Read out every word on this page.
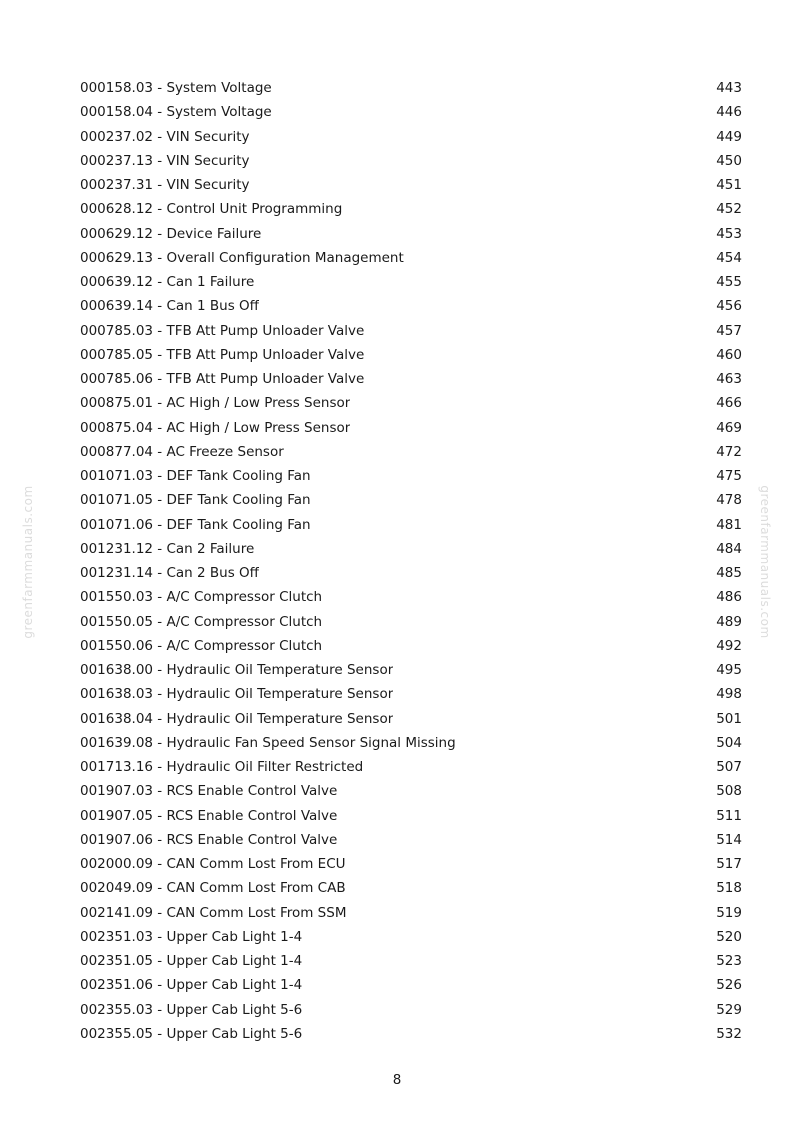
greenfarmmanuals.com	greenfarmmanuals.com
000158.03 - System Voltage	443
000158.04 - System Voltage	446
000237.02 - VIN Security	449
000237.13 - VIN Security	450
000237.31 - VIN Security	451
000628.12 - Control Unit Programming	452
000629.12 - Device Failure	453
000629.13 - Overall Configuration Management	454
000639.12 - Can 1 Failure	455
000639.14 - Can 1 Bus Off	456
000785.03 - TFB Att Pump Unloader Valve	457
000785.05 - TFB Att Pump Unloader Valve	460
000785.06 - TFB Att Pump Unloader Valve	463
000875.01 - AC High / Low Press Sensor	466
000875.04 - AC High / Low Press Sensor	469
000877.04 - AC Freeze Sensor	472
001071.03 - DEF Tank Cooling Fan	475
001071.05 - DEF Tank Cooling Fan	478
001071.06 - DEF Tank Cooling Fan	481
001231.12 - Can 2 Failure	484
001231.14 - Can 2 Bus Off	485
001550.03 - A/C Compressor Clutch	486
001550.05 - A/C Compressor Clutch	489
001550.06 - A/C Compressor Clutch	492
001638.00 - Hydraulic Oil Temperature Sensor	495
001638.03 - Hydraulic Oil Temperature Sensor	498
001638.04 - Hydraulic Oil Temperature Sensor	501
001639.08 - Hydraulic Fan Speed Sensor Signal Missing	504
001713.16 - Hydraulic Oil Filter Restricted	507
001907.03 - RCS Enable Control Valve	508
001907.05 - RCS Enable Control Valve	511
001907.06 - RCS Enable Control Valve	514
002000.09 - CAN Comm Lost From ECU	517
002049.09 - CAN Comm Lost From CAB	518
002141.09 - CAN Comm Lost From SSM	519
002351.03 - Upper Cab Light 1-4	520
002351.05 - Upper Cab Light 1-4	523
002351.06 - Upper Cab Light 1-4	526
002355.03 - Upper Cab Light 5-6	529
002355.05 - Upper Cab Light 5-6	532
8
